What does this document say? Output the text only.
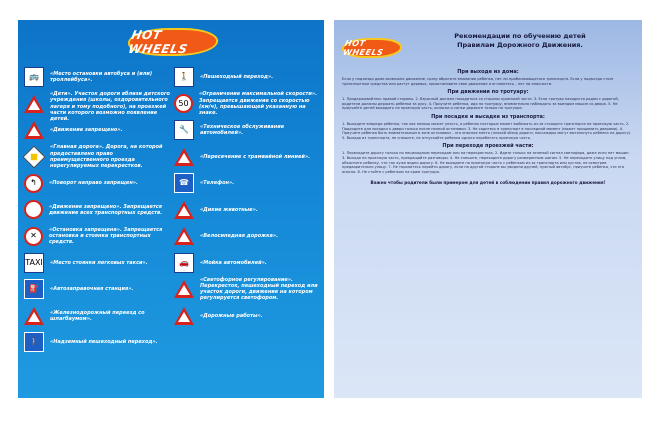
HOT WHEELS
🚌	«Место остановки автобуса и (или) троллейбуса».
«Дети». Участок дороги вблизи детского учреждения (школы, оздоровительного лагеря и тому подобного), на проезжей части которого возможно появление детей.
«Движение запрещено».
«Главная дорога». Дорога, на которой предоставлено право преимущественного проезда нерегулируемых перекрестков.
↰	«Поворот направо запрещен».
«Движение запрещено». Запрещается движение всех транспортных средств.
✕
«Остановка запрещена». Запрещается остановка и стоянка транспортных средств.
TAXI «Место стоянки легковых такси».
⛽	«Автозаправочная станция».
«Железнодорожный переезд со шлагбаумом».
🚶	«Надземный пешеходный переход».
🚶	«Пешеходный переход».
50
«Ограничение максимальной скорости». Запрещается движение со скоростью (км/ч), превышающей указанную на знаке.
🔧	«Техническое обслуживание автомобилей».
«Пересечение с трамвайной линией».
☎	«Телефон».
«Дикие животные».
«Велосипедная дорожка».
🚗	«Мойка автомобилей».
«Светофорное регулирование». Перекресток, пешеходный переход или участок дороги, движение на котором регулируется светофором.
«Дорожные работы».
HOT WHEELS
Рекомендации по обучению детей
Правилам Дорожного Движения.
При выходе из дома:

Если у подъезда дома возможно движение, сразу обратите внимание ребенка, нет ли приближающегося транспорта. Если у подъезда стоят транспортные средства или растут деревья, приостановите свое движение и оглянитесь – нет ли опасности.

При движении по тротуару:

1. Придерживайтесь правой стороны. 2. Взрослый должен находиться со стороны проезжей части. 3. Если тротуар находится рядом с дорогой, родители должны держать ребенка за руку. 4. Приучите ребенка, идя по тротуару, внимательно наблюдать за выездом машин со двора. 5. Не приучайте детей выходить на проезжую часть, коляски и санки держите только на тротуаре.

При посадке и высадке из транспорта:

1. Выходите впереди ребенка, так как малыш может упасть, а ребенок постарше может выбежать из-за стоящего транспорта на проезжую часть. 2. Подходите для посадки к двери только после полной остановки. 3. Не садитесь в транспорт в последний момент (может прищемить дверями). 4. Приучите ребенка быть внимательным в зоне остановки – это опасное место (плохой обзор дороги, пассажиры могут вытолкнуть ребенка на дорогу). 5. Выходя из транспорта, не спешите, не отпускайте ребенка одного перебегать проезжую часть.

При переходе проезжей части:

1. Переходите дорогу только по пешеходным переходам или на перекрестках. 2. Идите только на зеленый сигнал светофора, даже если нет машин. 3. Выходя на проезжую часть, прекращайте разговоры. 4. Не спешите, переходите дорогу размеренным шагом. 5. Не переходите улицу под углом, объясните ребенку, что так хуже видно дорогу. 6. Не выходите на проезжую часть с ребенком из-за транспорта или кустов, не осмотрев предварительно улицу. 7. Не торопитесь перейти дорогу, если на другой стороне вы увидели друзей, нужный автобус, приучите ребенка, что это опасно. 8. Не стойте с ребенком на краю тротуара.

Важно чтобы родители были примером для детей в соблюдении правил дорожного движения!
